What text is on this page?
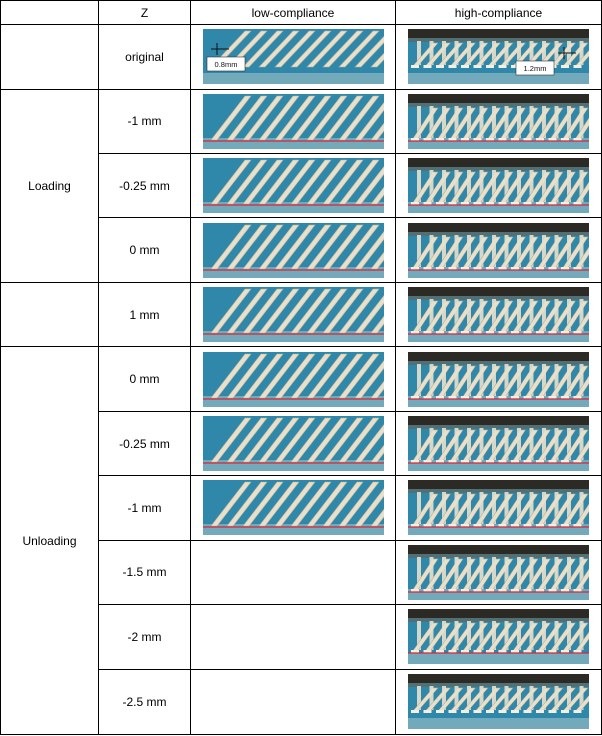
	Z	low-compliance	high-compliance
	original	0.8mm	1.2mm

Loading	-1 mm	

	-0.25 mm	

	0 mm	

	1 mm	

Unloading	0 mm	

	-0.25 mm	

	-1 mm	

	-1.5 mm		

	-2 mm		

	-2.5 mm		
